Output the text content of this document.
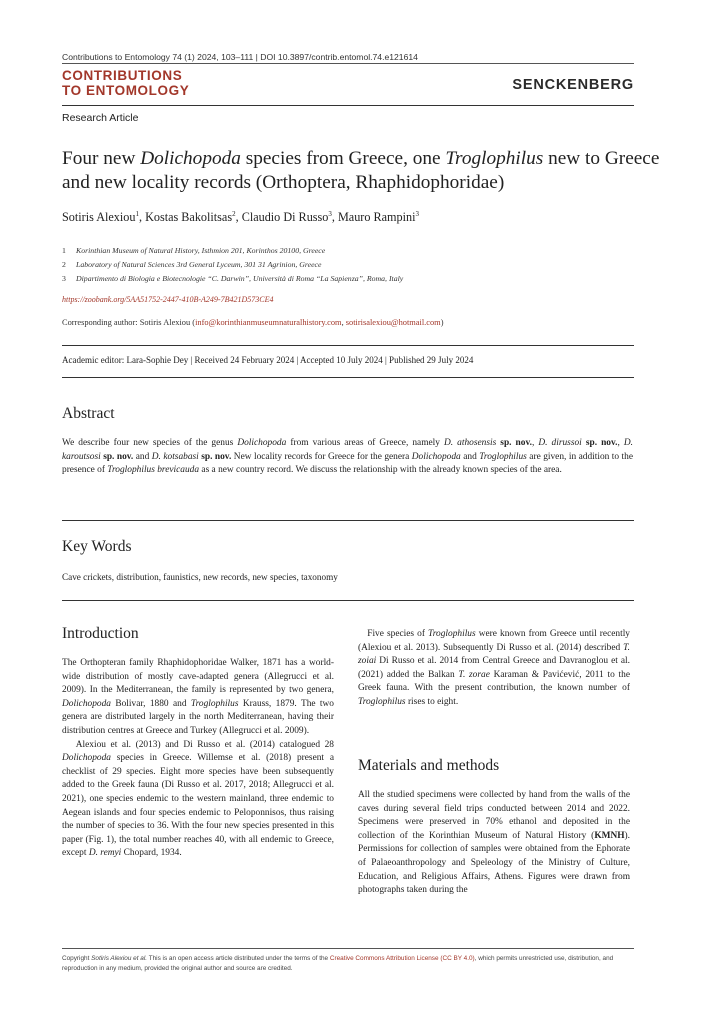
Contributions to Entomology 74 (1) 2024, 103–111 | DOI 10.3897/contrib.entomol.74.e121614
CONTRIBUTIONS
TO ENTOMOLOGY	SENCKENBERG
Research Article
Four new Dolichopoda species from Greece, one Troglophilus new to Greece and new locality records (Orthoptera, Rhaphidophoridae)
Sotiris Alexiou$^1$, Kostas Bakolitsas$^2$, Claudio Di Russo$^3$, Mauro Rampini$^3$
1 Korinthian Museum of Natural History, Isthmion 201, Korinthos 20100, Greece
2 Laboratory of Natural Sciences 3rd General Lyceum, 301 31 Agrinion, Greece
3 Dipartimento di Biologia e Biotecnologie “C. Darwin”, Università di Roma “La Sapienza”, Roma, Italy
https://zoobank.org/5AA51752-2447-410B-A249-7B421D573CE4
Corresponding author: Sotiris Alexiou (info@korinthianmuseumnaturalhistory.com, sotirisalexiou@hotmail.com)
Academic editor: Lara-Sophie Dey | Received 24 February 2024 | Accepted 10 July 2024 | Published 29 July 2024
Abstract
We describe four new species of the genus Dolichopoda from various areas of Greece, namely D. athosensis sp. nov., D. dirussoi sp. nov., D. karoutsosi sp. nov. and D. kotsabasi sp. nov. New locality records for Greece for the genera Dolichopoda and Troglophilus are given, in addition to the presence of Troglophilus brevicauda as a new country record. We discuss the relationship with the already known species of the area.
Key Words
Cave crickets, distribution, faunistics, new records, new species, taxonomy
Introduction
The Orthopteran family Rhaphidophoridae Walker, 1871 has a world-wide distribution of mostly cave-adapted genera (Allegrucci et al. 2009). In the Mediterranean, the family is represented by two genera, Dolichopoda Bolivar, 1880 and Troglophilus Krauss, 1879. The two genera are distributed largely in the north Mediterranean, having their distribution centres at Greece and Turkey (Allegrucci et al. 2009).
Alexiou et al. (2013) and Di Russo et al. (2014) catalogued 28 Dolichopoda species in Greece. Willemse et al. (2018) present a checklist of 29 species. Eight more species have been subsequently added to the Greek fauna (Di Russo et al. 2017, 2018; Allegrucci et al. 2021), one species endemic to the western mainland, three endemic to Aegean islands and four species endemic to Peloponnisos, thus raising the number of species to 36. With the four new species presented in this paper (Fig. 1), the total number reaches 40, with all endemic to Greece, except D. remyi Chopard, 1934.
Five species of Troglophilus were known from Greece until recently (Alexiou et al. 2013). Subsequently Di Russo et al. (2014) described T. zoiai Di Russo et al. 2014 from Central Greece and Davranoglou et al. (2021) added the Balkan T. zorae Karaman & Pavićević, 2011 to the Greek fauna. With the present contribution, the known number of Troglophilus rises to eight.
Materials and methods
All the studied specimens were collected by hand from the walls of the caves during several field trips conducted between 2014 and 2022. Specimens were preserved in 70% ethanol and deposited in the collection of the Korinthian Museum of Natural History (KMNH). Permissions for collection of samples were obtained from the Ephorate of Palaeoanthropology and Speleology of the Ministry of Culture, Education, and Religious Affairs, Athens. Figures were drawn from photographs taken during the
Copyright Sotiris Alexiou et al. This is an open access article distributed under the terms of the Creative Commons Attribution License (CC BY 4.0), which permits unrestricted use, distribution, and reproduction in any medium, provided the original author and source are credited.
